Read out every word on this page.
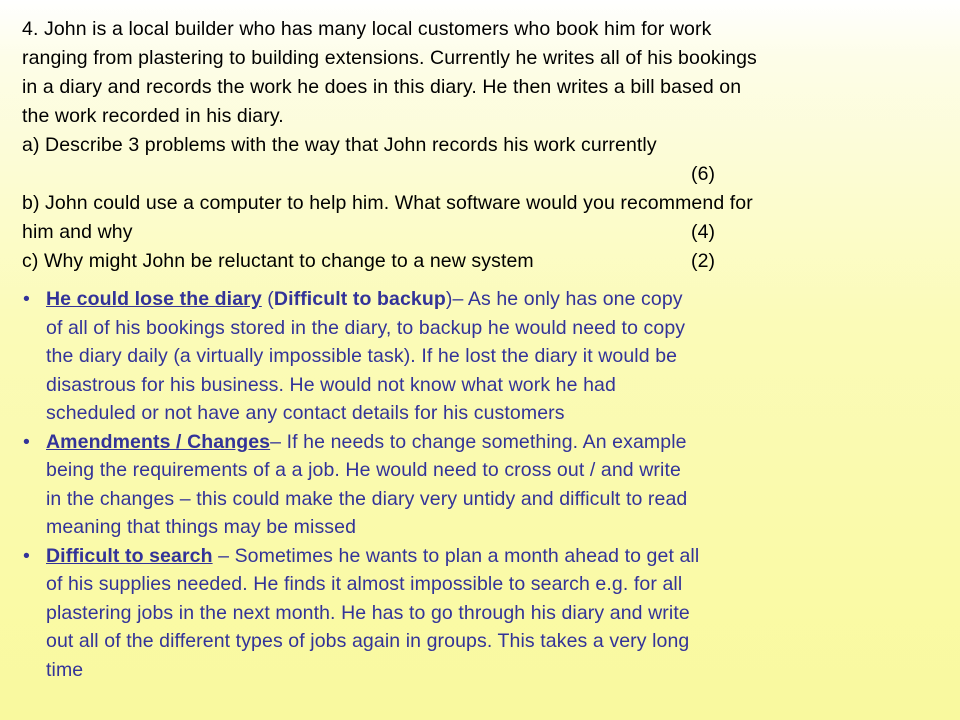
4. John is a local builder who has many local customers who book him for work
ranging from plastering to building extensions. Currently he writes all of his bookings
in a diary and records the work he does in this diary. He then writes a bill based on
the work recorded in his diary.
a) Describe 3 problems with the way that John records his work currently
(6)
b) John could use a computer to help him. What software would you recommend for
him and why	(4)
c) Why might John be reluctant to change to a new system	(2)
• He could lose the diary (Difficult to backup)– As he only has one copy
of all of his bookings stored in the diary, to backup he would need to copy
the diary daily (a virtually impossible task). If he lost the diary it would be
disastrous for his business. He would not know what work he had
scheduled or not have any contact details for his customers
• Amendments / Changes– If he needs to change something. An example
being the requirements of a a job. He would need to cross out / and write
in the changes – this could make the diary very untidy and difficult to read
meaning that things may be missed
• Difficult to search – Sometimes he wants to plan a month ahead to get all
of his supplies needed. He finds it almost impossible to search e.g. for all
plastering jobs in the next month. He has to go through his diary and write
out all of the different types of jobs again in groups. This takes a very long
time
